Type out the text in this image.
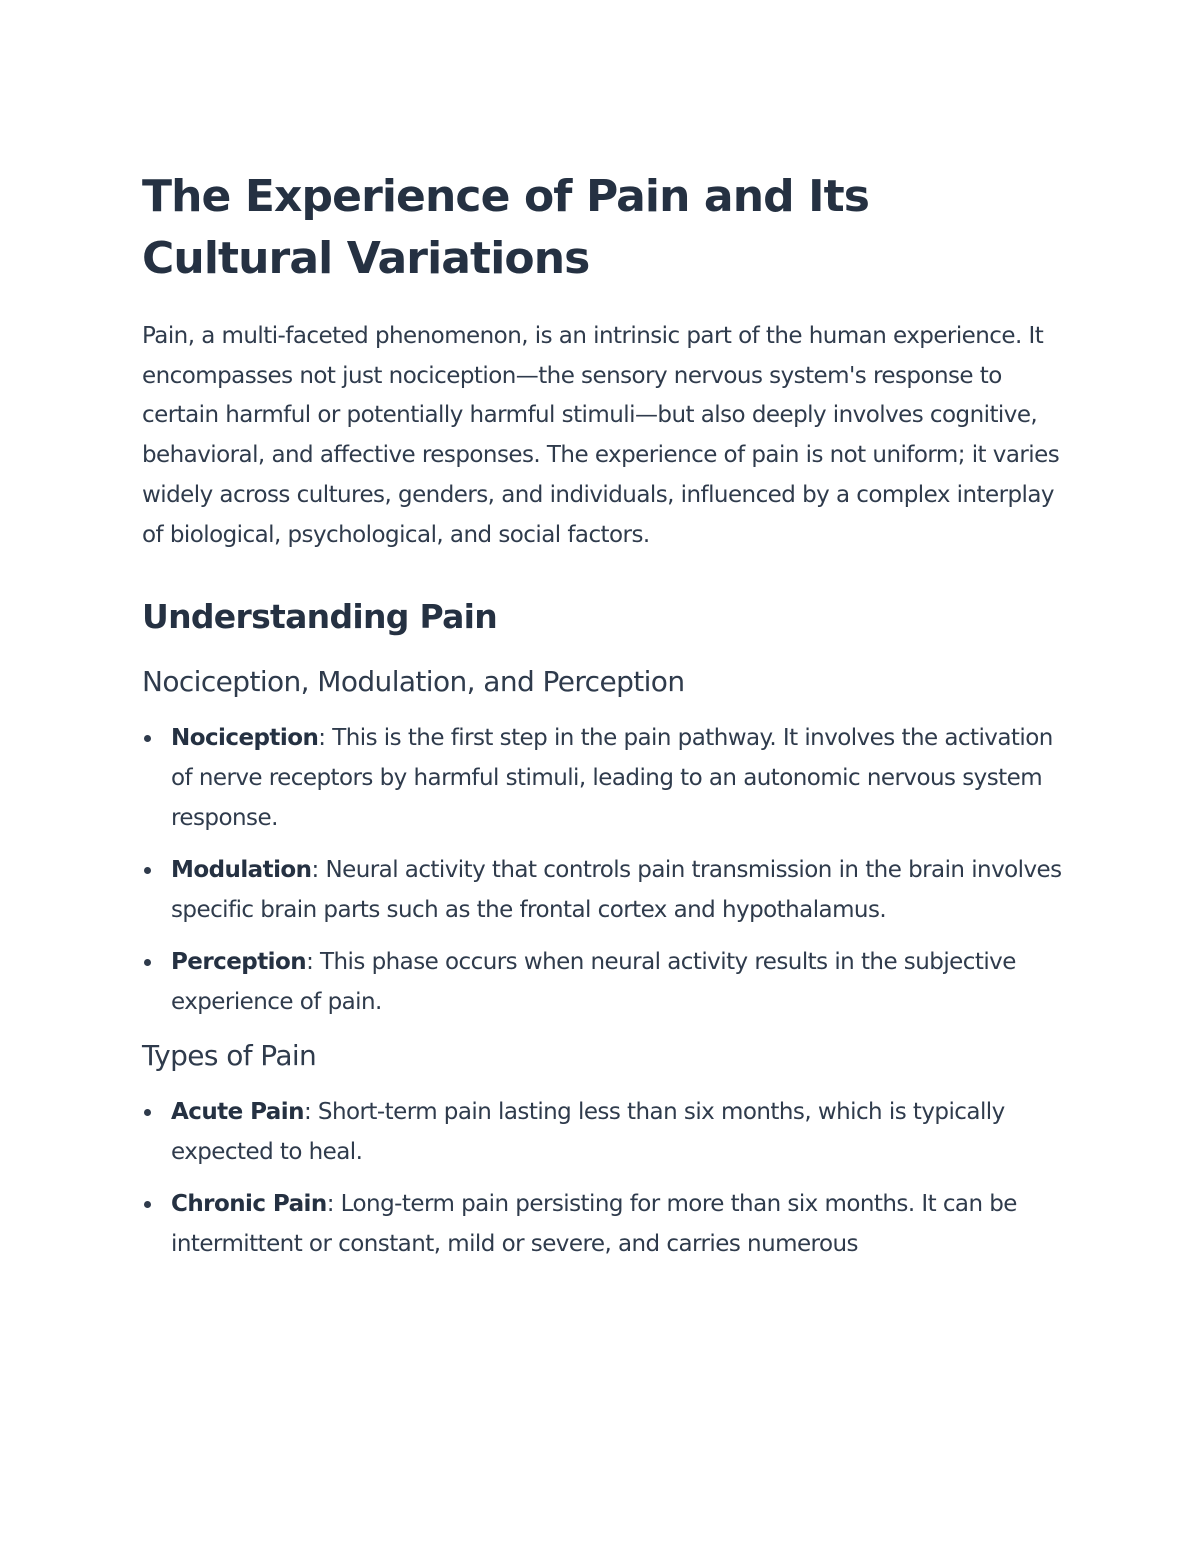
The Experience of Pain and Its Cultural Variations

Pain, a multi-faceted phenomenon, is an intrinsic part of the human experience. It encompasses not just nociception—the sensory nervous system's response to certain harmful or potentially harmful stimuli—but also deeply involves cognitive, behavioral, and affective responses. The experience of pain is not uniform; it varies widely across cultures, genders, and individuals, influenced by a complex interplay of biological, psychological, and social factors.

Understanding Pain
Nociception, Modulation, and Perception
Nociception: This is the first step in the pain pathway. It involves the activation of nerve receptors by harmful stimuli, leading to an autonomic nervous system response.
Modulation: Neural activity that controls pain transmission in the brain involves specific brain parts such as the frontal cortex and hypothalamus.
Perception: This phase occurs when neural activity results in the subjective experience of pain.
Types of Pain
Acute Pain: Short-term pain lasting less than six months, which is typically expected to heal.
Chronic Pain: Long-term pain persisting for more than six months. It can be intermittent or constant, mild or severe, and carries numerous
